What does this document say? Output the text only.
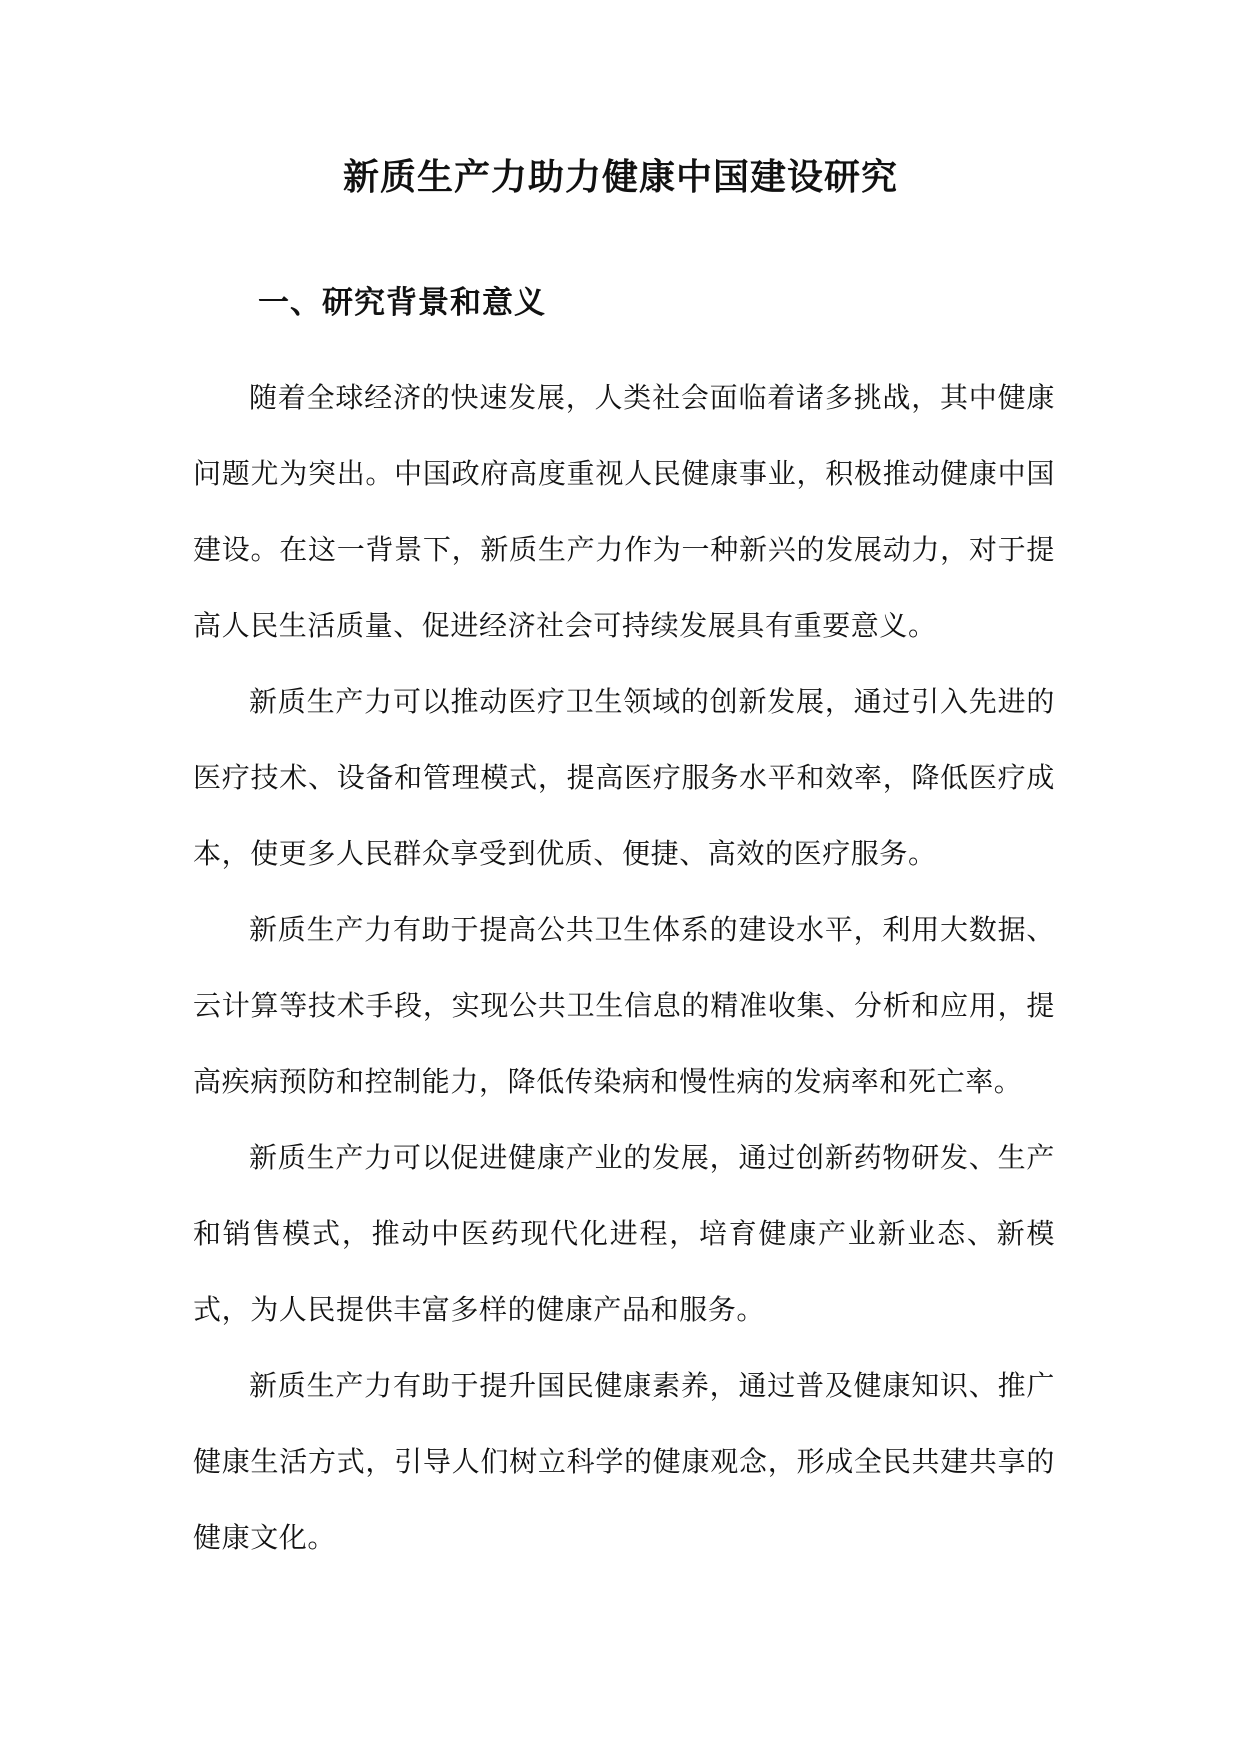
新质生产力助力健康中国建设研究
一、研究背景和意义

随着全球经济的快速发展，人类社会面临着诸多挑战，其中健康问题尤为突出。中国政府高度重视人民健康事业，积极推动健康中国建设。在这一背景下，新质生产力作为一种新兴的发展动力，对于提高人民生活质量、促进经济社会可持续发展具有重要意义。

新质生产力可以推动医疗卫生领域的创新发展，通过引入先进的医疗技术、设备和管理模式，提高医疗服务水平和效率，降低医疗成本，使更多人民群众享受到优质、便捷、高效的医疗服务。

新质生产力有助于提高公共卫生体系的建设水平，利用大数据、云计算等技术手段，实现公共卫生信息的精准收集、分析和应用，提高疾病预防和控制能力，降低传染病和慢性病的发病率和死亡率。

新质生产力可以促进健康产业的发展，通过创新药物研发、生产和销售模式，推动中医药现代化进程，培育健康产业新业态、新模式，为人民提供丰富多样的健康产品和服务。

新质生产力有助于提升国民健康素养，通过普及健康知识、推广健康生活方式，引导人们树立科学的健康观念，形成全民共建共享的健康文化。
